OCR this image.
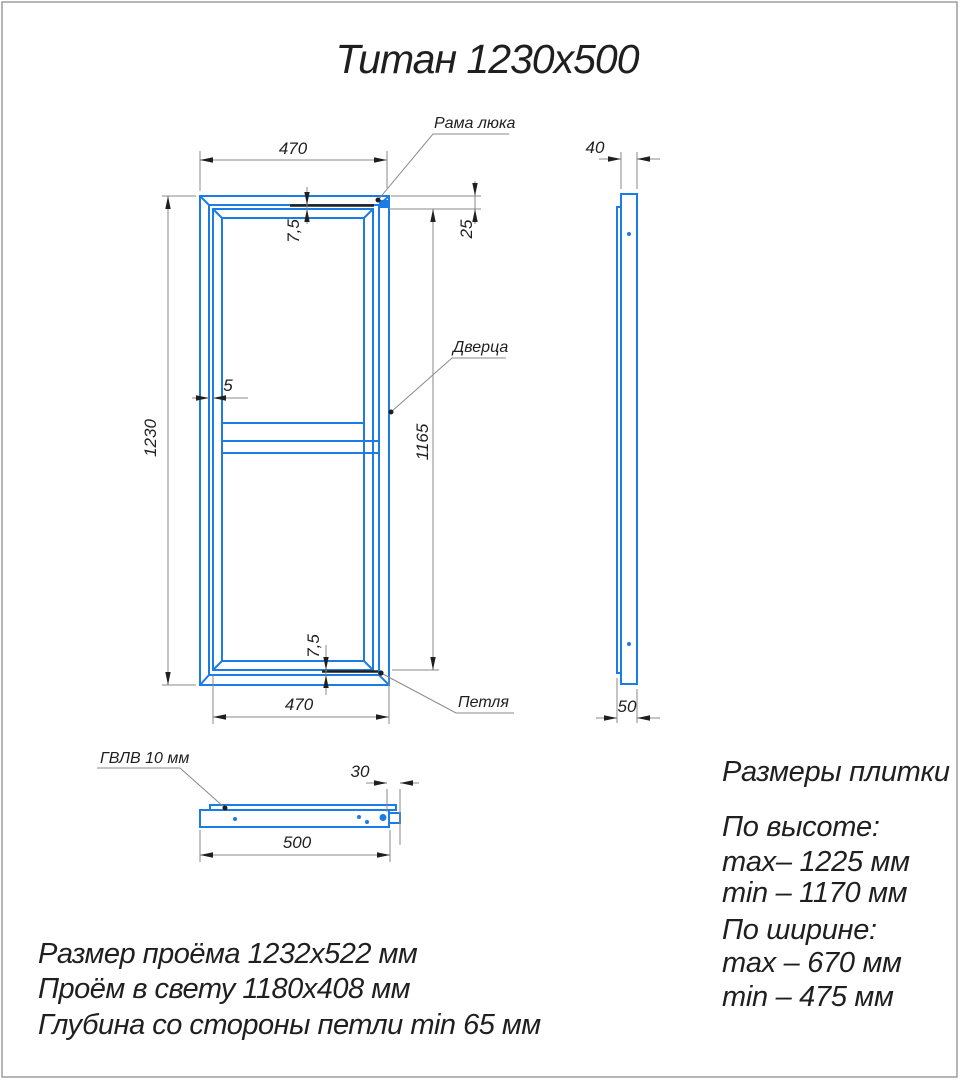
Титан 1230x500
470
Рама люка
25
7,5
5
1230	1165
Дверца
7,5
470	Петля
40
50
ГВЛВ 10 мм
30
500
Размеры плитки
По высоте:
max– 1225 мм
min – 1170 мм
По ширине:
max – 670 мм
min – 475 мм
Размер проёма 1232x522 мм
Проём в свету 1180x408 мм
Глубина со стороны петли min 65 мм
